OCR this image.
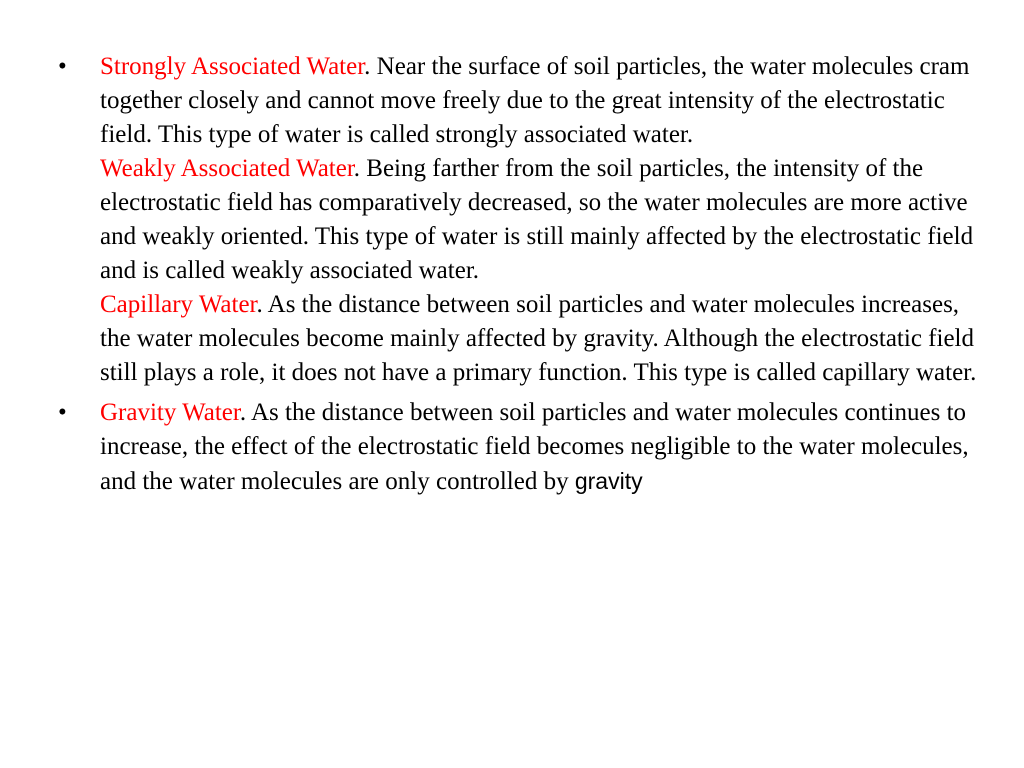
• Strongly Associated Water. Near the surface of soil particles, the water molecules cram together closely and cannot move freely due to the great intensity of the electrostatic field. This type of water is called strongly associated water.

Weakly Associated Water. Being farther from the soil particles, the intensity of the electrostatic field has comparatively decreased, so the water molecules are more active and weakly oriented. This type of water is still mainly affected by the electrostatic field and is called weakly associated water.

Capillary Water. As the distance between soil particles and water molecules increases, the water molecules become mainly affected by gravity. Although the electrostatic field still plays a role, it does not have a primary function. This type is called capillary water.

• Gravity Water. As the distance between soil particles and water molecules continues to increase, the effect of the electrostatic field becomes negligible to the water molecules, and the water molecules are only controlled by gravity
